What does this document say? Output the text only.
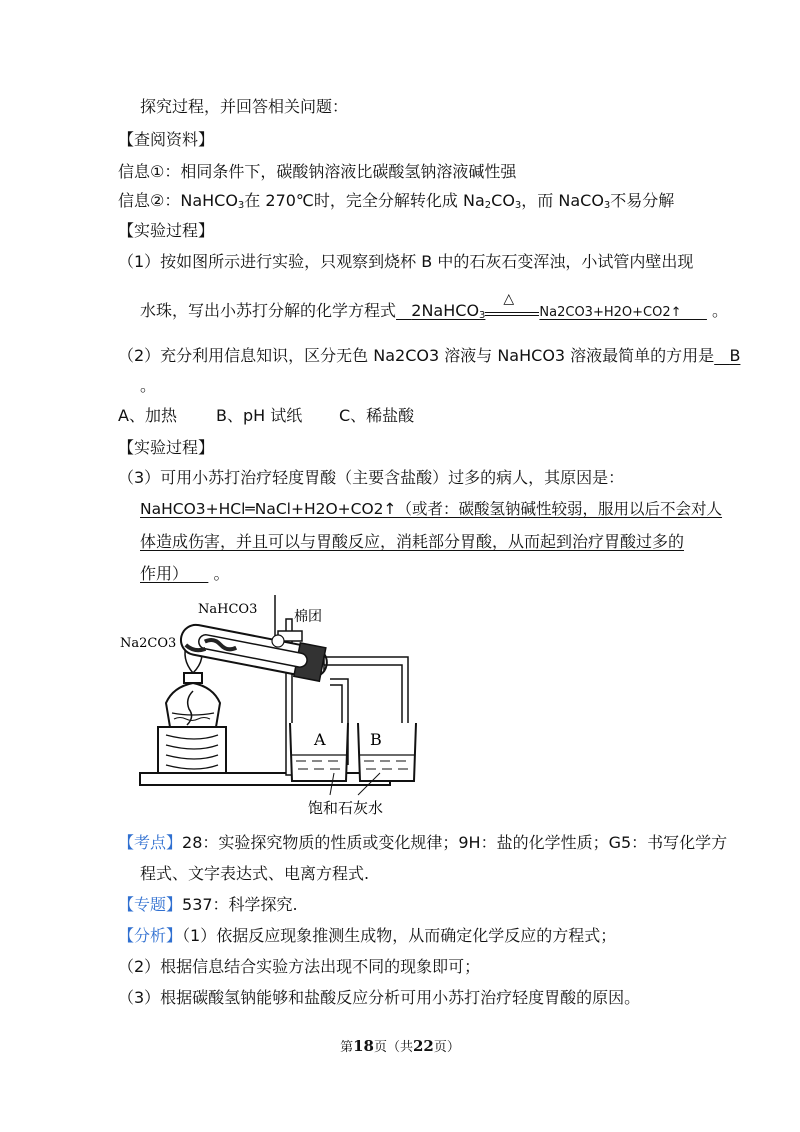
探究过程，并回答相关问题：
【查阅资料】
信息①：相同条件下，碳酸钠溶液比碳酸氢钠溶液碱性强
信息②：NaHCO$_3$在 270℃时，完全分解转化成 $Na_2CO_3$，而 NaCO$_3$不易分解
【实验过程】
（1）按如图所示进行实验，只观察到烧杯 B 中的石灰石变浑浊，小试管内壁出现
水珠，写出小苏打分解的化学方程式 2NaHCO$_3$
△
Na2CO3+H2O+CO2↑ 。
（2）充分利用信息知识，区分无色 Na2CO3 溶液与 NaHCO3 溶液最简单的方用是 B
。
A、加热 B、pH 试纸 C、稀盐酸
【实验过程】
（3）可用小苏打治疗轻度胃酸（主要含盐酸）过多的病人，其原因是：
NaHCO3+HCl═NaCl+H2O+CO2↑（或者：碳酸氢钠碱性较弱，服用以后不会对人
体造成伤害，并且可以与胃酸反应，消耗部分胃酸，从而起到治疗胃酸过多的
作用） 。
NaHCO3
Na2CO3
棉团
A	B
饱和石灰水
【考点】28：实验探究物质的性质或变化规律；9H：盐的化学性质；G5：书写化学方
程式、文字表达式、电离方程式.
【专题】537：科学探究.
【分析】（1）依据反应现象推测生成物，从而确定化学反应的方程式；
（2）根据信息结合实验方法出现不同的现象即可；
（3）根据碳酸氢钠能够和盐酸反应分析可用小苏打治疗轻度胃酸的原因。
第18页（共22页）
